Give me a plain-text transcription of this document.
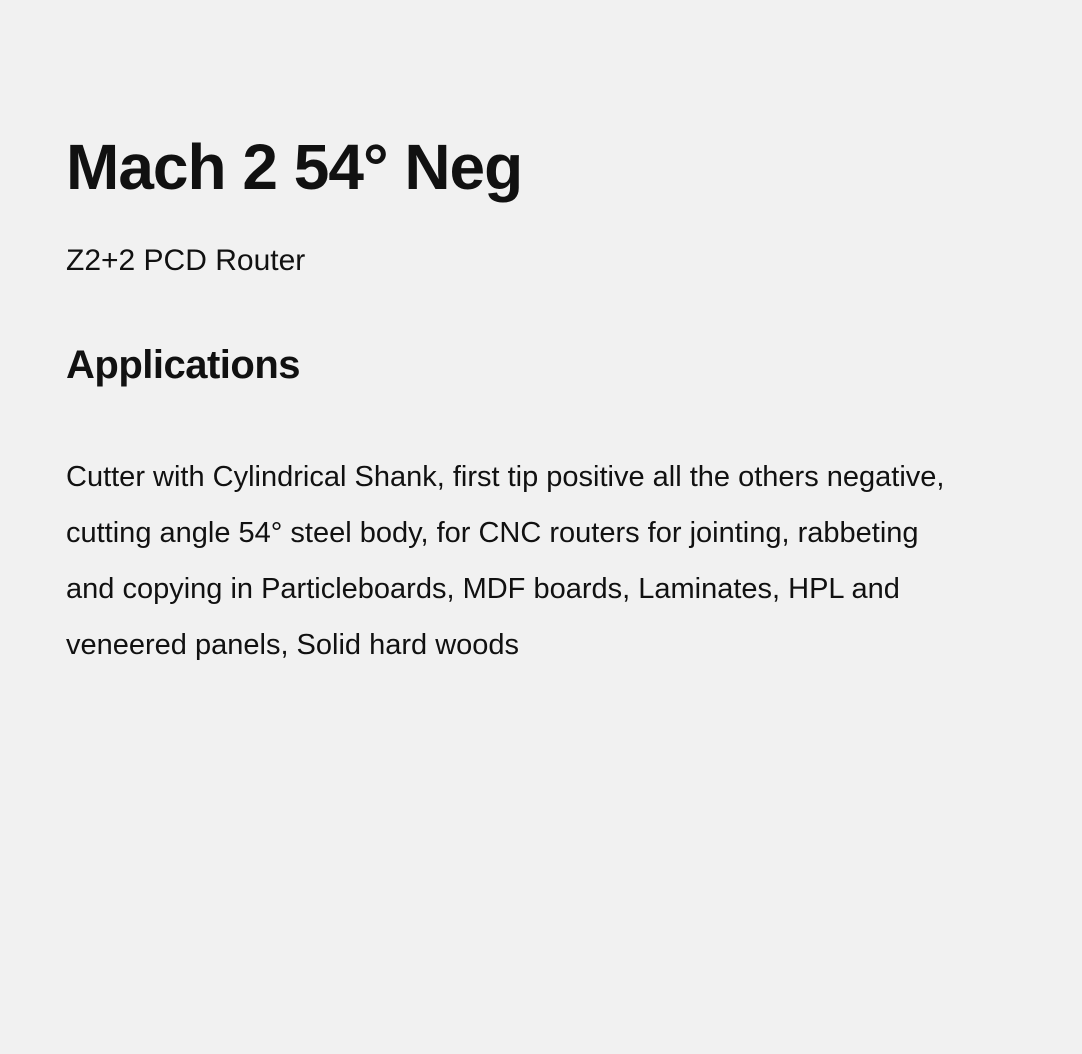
Mach 2 54° Neg

Z2+2 PCD Router

Applications

Cutter with Cylindrical Shank, first tip positive all the others negative, cutting angle 54° steel body, for CNC routers for jointing, rabbeting and copying in Particleboards, MDF boards, Laminates, HPL and veneered panels, Solid hard woods
